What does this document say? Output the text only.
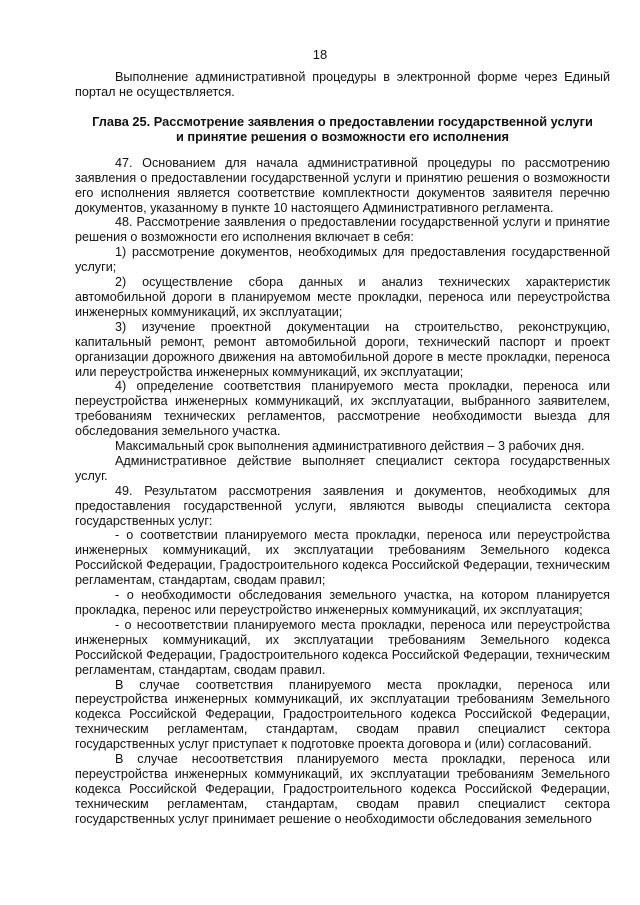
18

Выполнение административной процедуры в электронной форме через Единый портал не осуществляется.

Глава 25. Рассмотрение заявления о предоставлении государственной услуги

и принятие решения о возможности его исполнения

47. Основанием для начала административной процедуры по рассмотрению заявления о предоставлении государственной услуги и принятию решения о возможности его исполнения является соответствие комплектности документов заявителя перечню документов, указанному в пункте 10 настоящего Административного регламента.

48. Рассмотрение заявления о предоставлении государственной услуги и принятие решения о возможности его исполнения включает в себя:

1) рассмотрение документов, необходимых для предоставления государственной услуги;

2) осуществление сбора данных и анализ технических характеристик автомобильной дороги в планируемом месте прокладки, переноса или переустройства инженерных коммуникаций, их эксплуатации;

3) изучение проектной документации на строительство, реконструкцию, капитальный ремонт, ремонт автомобильной дороги, технический паспорт и проект организации дорожного движения на автомобильной дороге в месте прокладки, переноса или переустройства инженерных коммуникаций, их эксплуатации;

4) определение соответствия планируемого места прокладки, переноса или переустройства инженерных коммуникаций, их эксплуатации, выбранного заявителем, требованиям технических регламентов, рассмотрение необходимости выезда для обследования земельного участка.

Максимальный срок выполнения административного действия – 3 рабочих дня.

Административное действие выполняет специалист сектора государственных услуг.

49. Результатом рассмотрения заявления и документов, необходимых для предоставления государственной услуги, являются выводы специалиста сектора государственных услуг:

- о соответствии планируемого места прокладки, переноса или переустройства инженерных коммуникаций, их эксплуатации требованиям Земельного кодекса Российской Федерации, Градостроительного кодекса Российской Федерации, техническим регламентам, стандартам, сводам правил;

- о необходимости обследования земельного участка, на котором планируется прокладка, перенос или переустройство инженерных коммуникаций, их эксплуатация;

- о несоответствии планируемого места прокладки, переноса или переустройства инженерных коммуникаций, их эксплуатации требованиям Земельного кодекса Российской Федерации, Градостроительного кодекса Российской Федерации, техническим регламентам, стандартам, сводам правил.

В случае соответствия планируемого места прокладки, переноса или переустройства инженерных коммуникаций, их эксплуатации требованиям Земельного кодекса Российской Федерации, Градостроительного кодекса Российской Федерации, техническим регламентам, стандартам, сводам правил специалист сектора государственных услуг приступает к подготовке проекта договора и (или) согласований.

В случае несоответствия планируемого места прокладки, переноса или переустройства инженерных коммуникаций, их эксплуатации требованиям Земельного кодекса Российской Федерации, Градостроительного кодекса Российской Федерации, техническим регламентам, стандартам, сводам правил специалист сектора государственных услуг принимает решение о необходимости обследования земельного
